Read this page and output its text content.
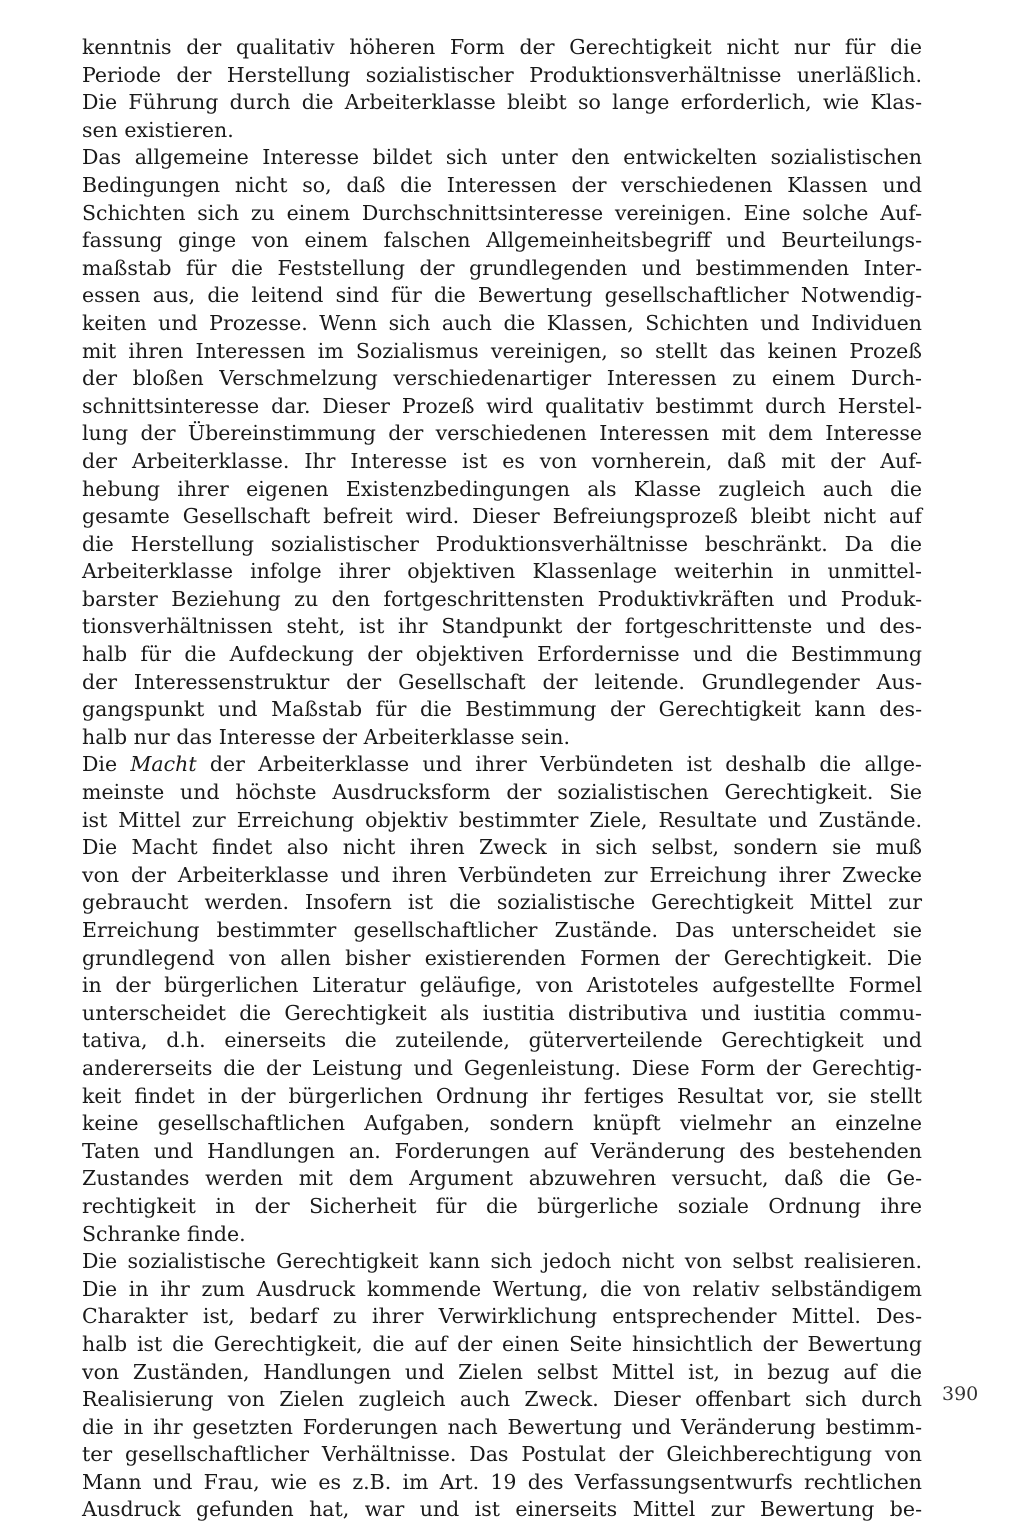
kenntnis der qualitativ höheren Form der Gerechtigkeit nicht nur für die
Periode der Herstellung sozialistischer Produktionsverhältnisse unerläßlich.
Die Führung durch die Arbeiterklasse bleibt so lange erforderlich, wie Klas-
sen existieren.
Das allgemeine Interesse bildet sich unter den entwickelten sozialistischen
Bedingungen nicht so, daß die Interessen der verschiedenen Klassen und
Schichten sich zu einem Durchschnittsinteresse vereinigen. Eine solche Auf-
fassung ginge von einem falschen Allgemeinheitsbegriff und Beurteilungs-
maßstab für die Feststellung der grundlegenden und bestimmenden Inter-
essen aus, die leitend sind für die Bewertung gesellschaftlicher Notwendig-
keiten und Prozesse. Wenn sich auch die Klassen, Schichten und Individuen
mit ihren Interessen im Sozialismus vereinigen, so stellt das keinen Prozeß
der bloßen Verschmelzung verschiedenartiger Interessen zu einem Durch-
schnittsinteresse dar. Dieser Prozeß wird qualitativ bestimmt durch Herstel-
lung der Übereinstimmung der verschiedenen Interessen mit dem Interesse
der Arbeiterklasse. Ihr Interesse ist es von vornherein, daß mit der Auf-
hebung ihrer eigenen Existenzbedingungen als Klasse zugleich auch die
gesamte Gesellschaft befreit wird. Dieser Befreiungsprozeß bleibt nicht auf
die Herstellung sozialistischer Produktionsverhältnisse beschränkt. Da die
Arbeiterklasse infolge ihrer objektiven Klassenlage weiterhin in unmittel-
barster Beziehung zu den fortgeschrittensten Produktivkräften und Produk-
tionsverhältnissen steht, ist ihr Standpunkt der fortgeschrittenste und des-
halb für die Aufdeckung der objektiven Erfordernisse und die Bestimmung
der Interessenstruktur der Gesellschaft der leitende. Grundlegender Aus-
gangspunkt und Maßstab für die Bestimmung der Gerechtigkeit kann des-
halb nur das Interesse der Arbeiterklasse sein.
Die Macht der Arbeiterklasse und ihrer Verbündeten ist deshalb die allge-
meinste und höchste Ausdrucksform der sozialistischen Gerechtigkeit. Sie
ist Mittel zur Erreichung objektiv bestimmter Ziele, Resultate und Zustände.
Die Macht findet also nicht ihren Zweck in sich selbst, sondern sie muß
von der Arbeiterklasse und ihren Verbündeten zur Erreichung ihrer Zwecke
gebraucht werden. Insofern ist die sozialistische Gerechtigkeit Mittel zur
Erreichung bestimmter gesellschaftlicher Zustände. Das unterscheidet sie
grundlegend von allen bisher existierenden Formen der Gerechtigkeit. Die
in der bürgerlichen Literatur geläufige, von Aristoteles aufgestellte Formel
unterscheidet die Gerechtigkeit als iustitia distributiva und iustitia commu-
tativa, d.h. einerseits die zuteilende, güterverteilende Gerechtigkeit und
andererseits die der Leistung und Gegenleistung. Diese Form der Gerechtig-
keit findet in der bürgerlichen Ordnung ihr fertiges Resultat vor, sie stellt
keine gesellschaftlichen Aufgaben, sondern knüpft vielmehr an einzelne
Taten und Handlungen an. Forderungen auf Veränderung des bestehenden
Zustandes werden mit dem Argument abzuwehren versucht, daß die Ge-
rechtigkeit in der Sicherheit für die bürgerliche soziale Ordnung ihre
Schranke finde.
Die sozialistische Gerechtigkeit kann sich jedoch nicht von selbst realisieren.
Die in ihr zum Ausdruck kommende Wertung, die von relativ selbständigem
Charakter ist, bedarf zu ihrer Verwirklichung entsprechender Mittel. Des-
halb ist die Gerechtigkeit, die auf der einen Seite hinsichtlich der Bewertung
von Zuständen, Handlungen und Zielen selbst Mittel ist, in bezug auf die
Realisierung von Zielen zugleich auch Zweck. Dieser offenbart sich durch
die in ihr gesetzten Forderungen nach Bewertung und Veränderung bestimm-
ter gesellschaftlicher Verhältnisse. Das Postulat der Gleichberechtigung von
Mann und Frau, wie es z.B. im Art. 19 des Verfassungsentwurfs rechtlichen
Ausdruck gefunden hat, war und ist einerseits Mittel zur Bewertung be-
390
